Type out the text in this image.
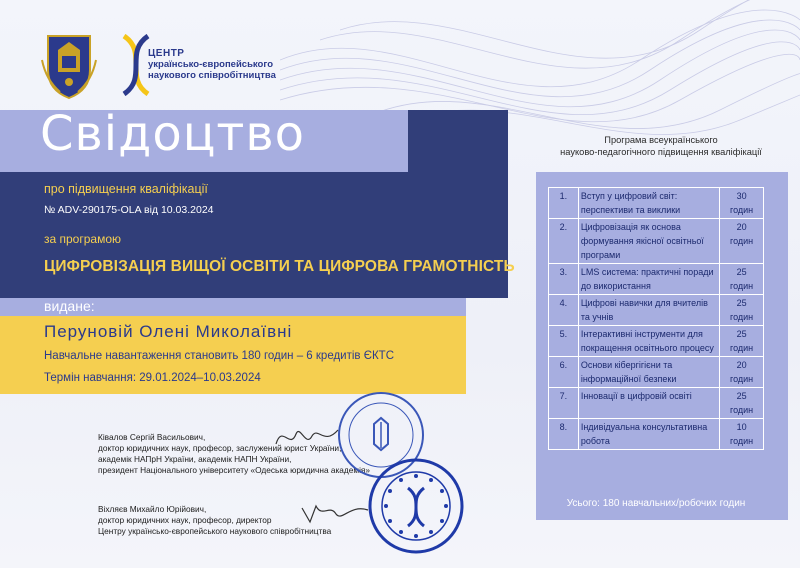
ЦЕНТР
українсько-європейського
наукового співробітництва
Свідоцтво
про підвищення кваліфікації
№ ADV-290175-OLA від 10.03.2024
за програмою
ЦИФРОВІЗАЦІЯ ВИЩОЇ ОСВІТИ ТА ЦИФРОВА ГРАМОТНІСТЬ
видане:
Перуновій Олені Миколаївні
Навчальне навантаження становить 180 годин – 6 кредитів ЄКТС
Термін навчання: 29.01.2024–10.03.2024
Ківалов Сергій Васильович,
доктор юридичних наук, професор, заслужений юрист України,
академік НАПрН України, академік НАПН України,
президент Національного університету «Одеська юридична академія»
Віхляєв Михайло Юрійович,
доктор юридичних наук, професор, директор
Центру українсько-європейського наукового співробітництва
Програма всеукраїнського
науково-педагогічного підвищення кваліфікації
1.	Вступ у цифровий світ: перспективи та виклики	30
годин

2.	Цифровізація як основа формування якісної освітньої програми	20
годин

3.	LMS система: практичні поради до використання	25
годин

4.	Цифрові навички для вчителів та учнів	25
годин

5.	Інтерактивні інструменти для покращення освітнього процесу	25
годин

6.	Основи кібергігієни та інформаційної безпеки	20
годин

7.	Інновації в цифровій освіті	25
годин

8.	Індивідуальна консультативна робота	10
годин
Усього: 180 навчальних/робочих годин
